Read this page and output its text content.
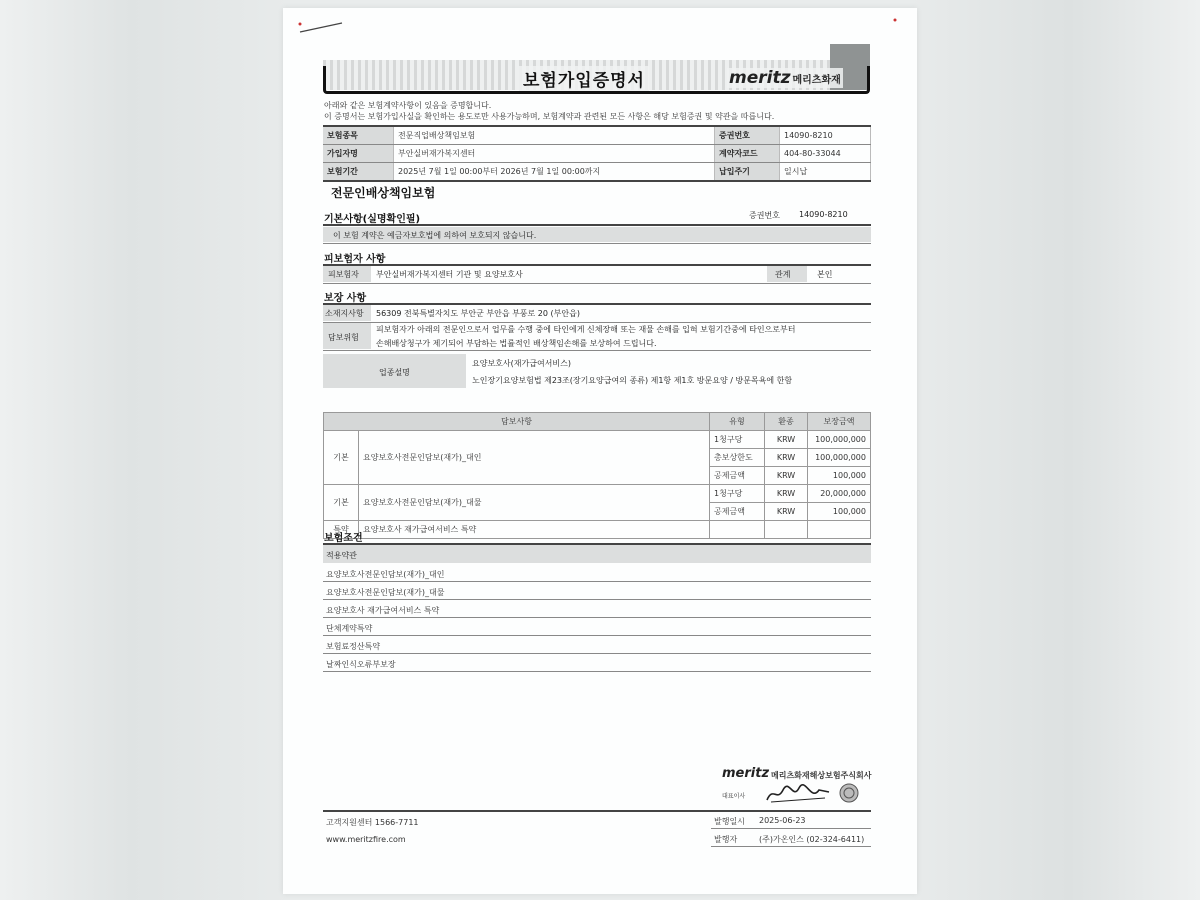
보험가입증명서	meritz 메리츠화재
아래와 같은 보험계약사항이 있음을 증명합니다.
이 증명서는 보험가입사실을 확인하는 용도로만 사용가능하며, 보험계약과 관련된 모든 사항은 해당 보험증권 및 약관을 따릅니다.
보험종목	전문직업배상책임보험	증권번호	14090-8210
가입자명	부안실버재가복지센터	계약자코드	404-80-33044
보험기간	2025년 7월 1일 00:00부터 2026년 7월 1일 00:00까지	납입주기	일시납
전문인배상책임보험
기본사항(실명확인필)	증권번호 14090-8210
이 보험 계약은 예금자보호법에 의하여 보호되지 않습니다.
피보험자 사항
피보험자 부안실버재가복지센터 기관 및 요양보호사	관계	본인
보장 사항
소재지사항 56309 전북특별자치도 부안군 부안읍 부풍로 20 (부안읍)
담보위험
피보험자가 아래의 전문인으로서 업무를 수행 중에 타인에게 신체장해 또는 재물 손해를 입혀 보험기간중에 타인으로부터
손해배상청구가 제기되어 부담하는 법률적인 배상책임손해를 보상하여 드립니다.
업종설명
요양보호사(재가급여서비스)
노인장기요양보험법 제23조(장기요양급여의 종류) 제1항 제1호 방문요양 / 방문목욕에 한함
담보사항		유형	환종	보장금액
기본	요양보호사전문인담보(재가)_대인	1청구당	KRW	100,000,000
		총보상한도	KRW	100,000,000
		공제금액	KRW	100,000
기본	요양보호사전문인담보(재가)_대물	1청구당	KRW	20,000,000
		공제금액	KRW	100,000
특약	요양보호사 재가급여서비스 특약			
보험조건
적용약관
요양보호사전문인담보(재가)_대인
요양보호사전문인담보(재가)_대물
요양보호사 재가급여서비스 특약
단체계약특약
보험료정산특약
날짜인식오류부보장
meritz 메리츠화재해상보험주식회사
대표이사
고객지원센터 1566-7711
www.meritzfire.com
발행일시 2025-06-23
발행자	(주)가온인스 (02-324-6411)
